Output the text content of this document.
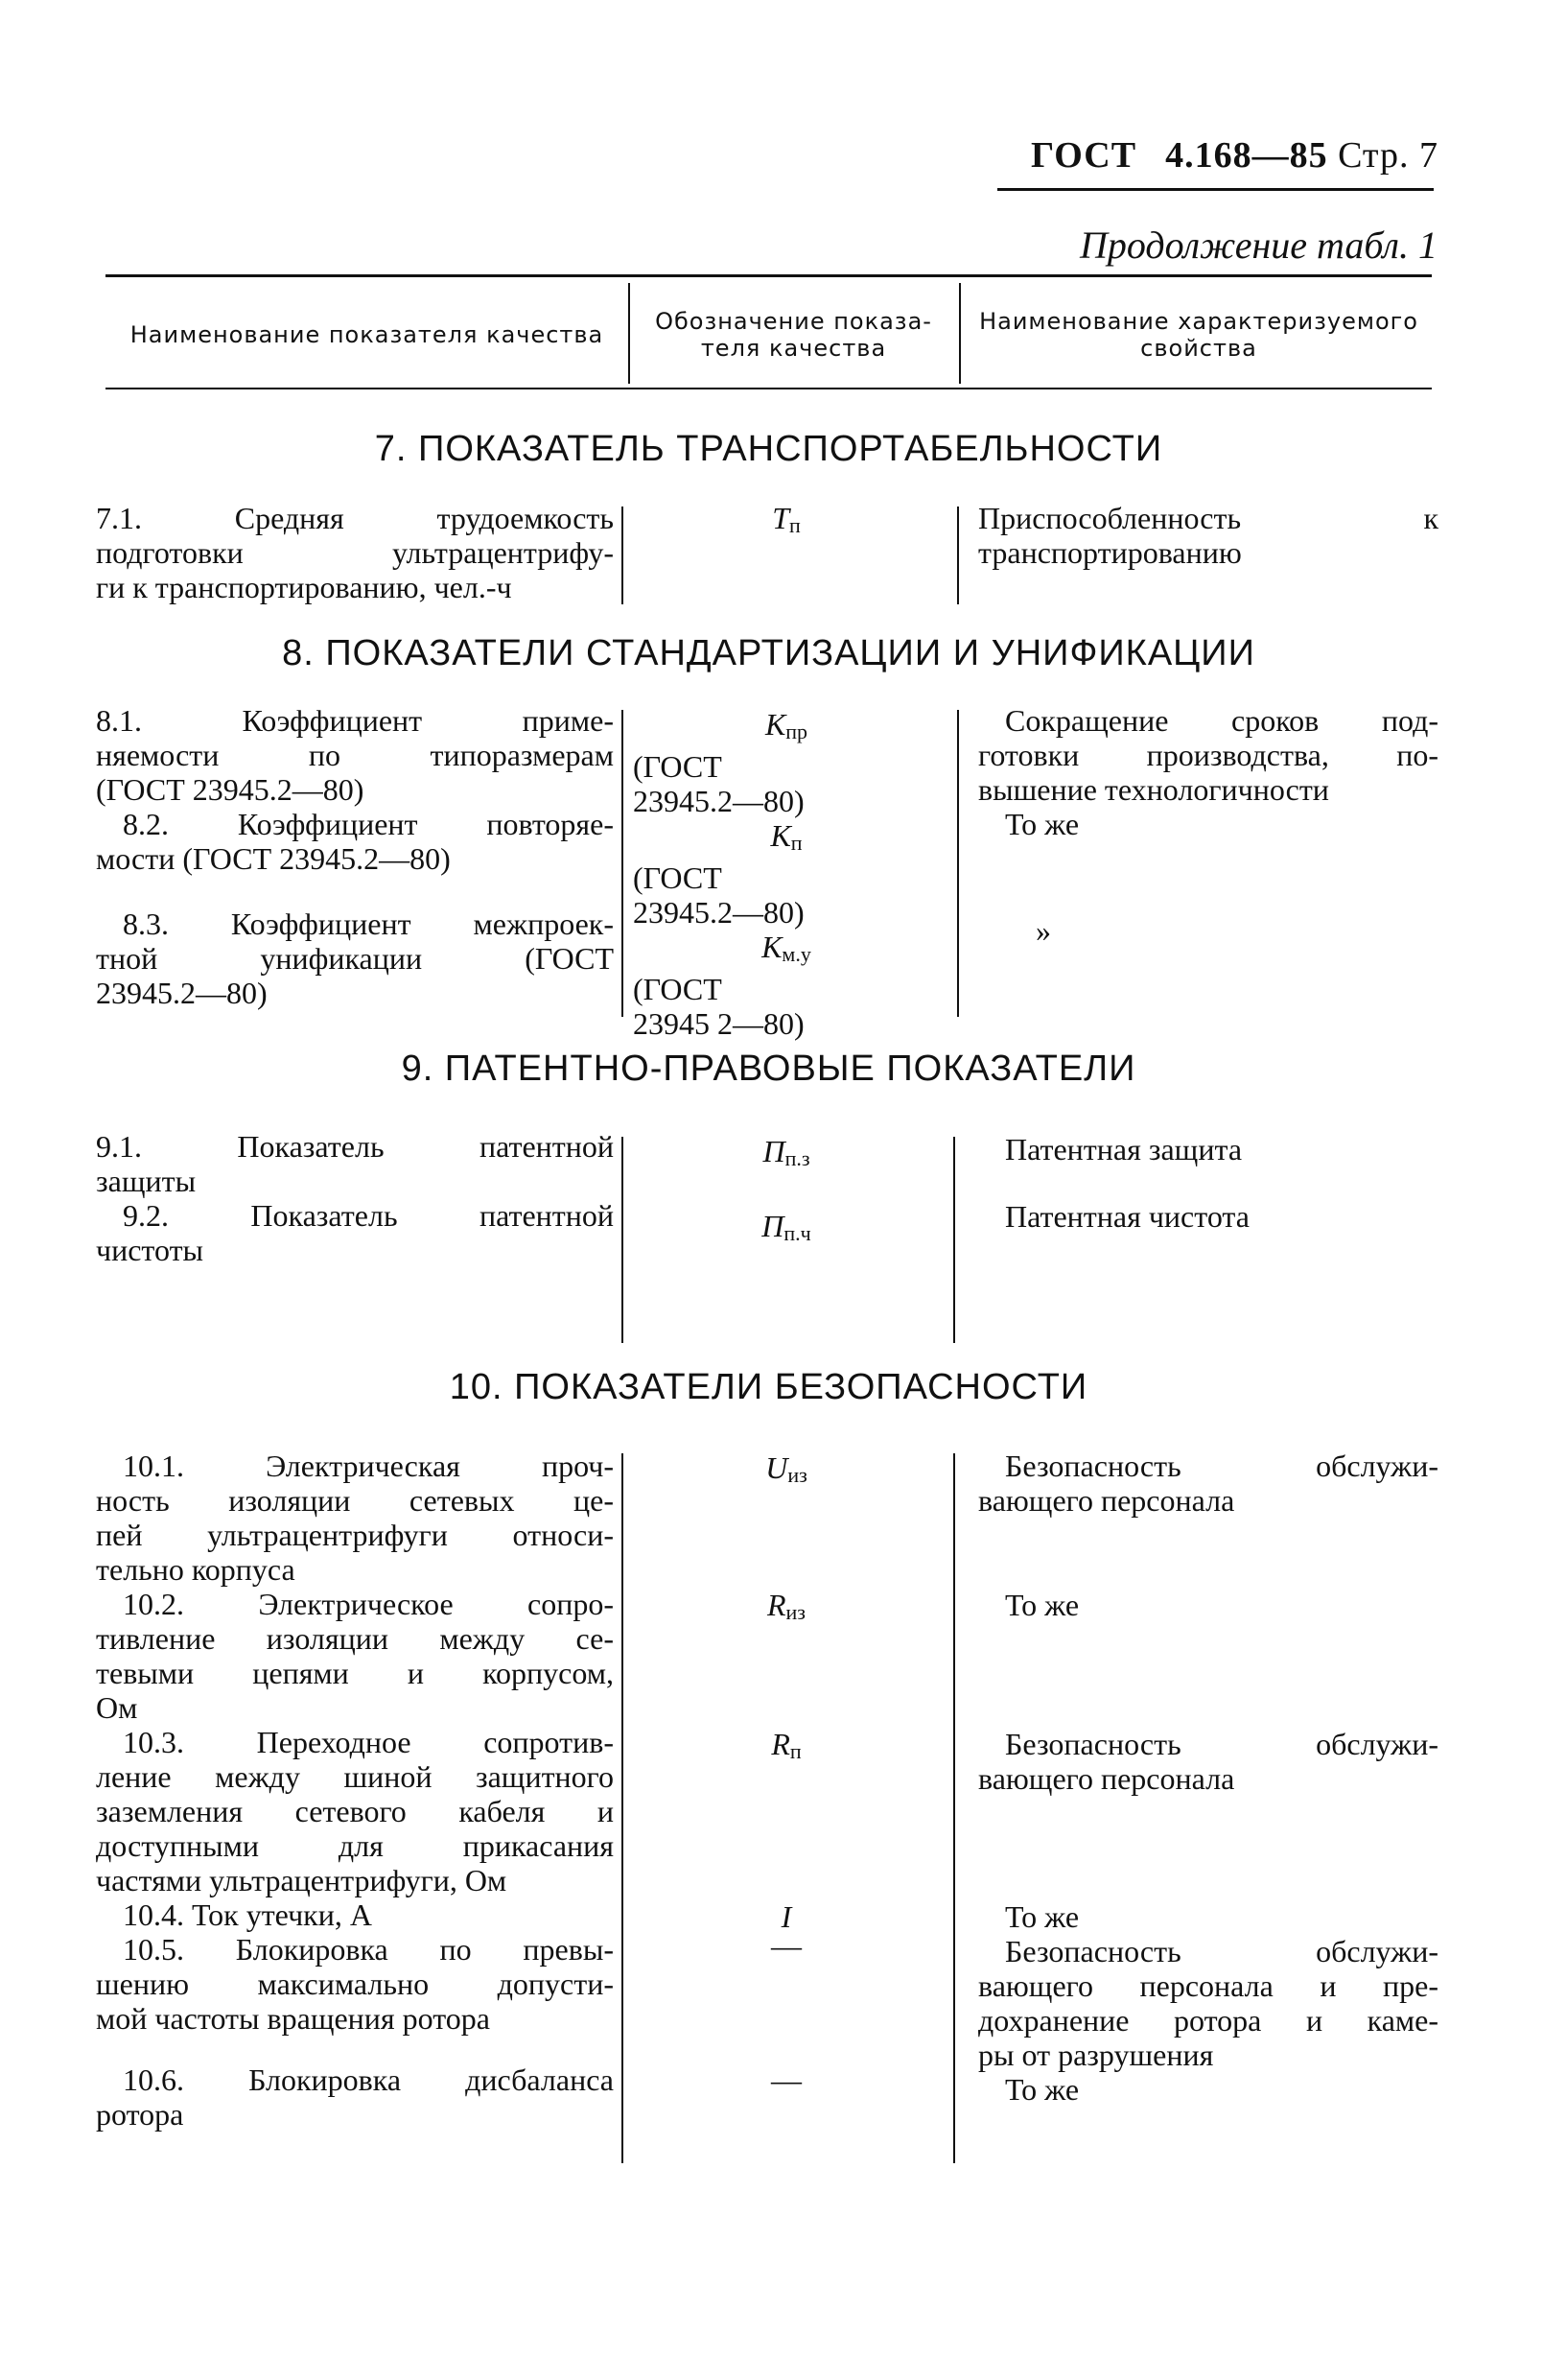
ГОСТ 4.168—85 Стр. 7
Продолжение табл. 1
Наименование показателя качества	Обозначение показа-теля качества
Наименование характеризуемого свойства
7. ПОКАЗАТЕЛЬ ТРАНСПОРТАБЕЛЬНОСТИ
7.1. Средняя трудоемкость
подготовки ультрацентрифу-
ги к транспортированию, чел.-ч
Тп	Приспособленность к
транспортированию
8. ПОКАЗАТЕЛИ СТАНДАРТИЗАЦИИ И УНИФИКАЦИИ
8.1. Коэффициент приме-
няемости по типоразмерам
(ГОСТ 23945.2—80)
8.2. Коэффициент повторяе-
мости (ГОСТ 23945.2—80)
8.3. Коэффициент межпроек-
тной унификации (ГОСТ
23945.2—80)
Кпр
(ГОСТ
23945.2—80)
Кп
(ГОСТ
23945.2—80)
Км.у
(ГОСТ
23945 2—80)
Сокращение сроков под-
готовки производства, по-
вышение технологичности
То же
»
9. ПАТЕНТНО-ПРАВОВЫЕ ПОКАЗАТЕЛИ
9.1. Показатель патентной
защиты
9.2. Показатель патентной
чистоты
Пп.з
Пп.ч
Патентная защита
Патентная чистота
10. ПОКАЗАТЕЛИ БЕЗОПАСНОСТИ
10.1. Электрическая проч-
ность изоляции сетевых це-
пей ультрацентрифуги относи-
тельно корпуса
10.2. Электрическое сопро-
тивление изоляции между се-
тевыми цепями и корпусом,
Ом
10.3. Переходное сопротив-
ление между шиной защитного
заземления сетевого кабеля и
доступными для прикасания
частями ультрацентрифуги, Ом
10.4. Ток утечки, А
10.5. Блокировка по превы-
шению максимально допусти-
мой частоты вращения ротора
10.6. Блокировка дисбаланса
ротора
Uиз
Rиз
Rп
I
—
—
Безопасность обслужи-
вающего персонала
То же
Безопасность обслужи-
вающего персонала
То же
Безопасность обслужи-
вающего персонала и пре-
дохранение ротора и каме-
ры от разрушения
То же
